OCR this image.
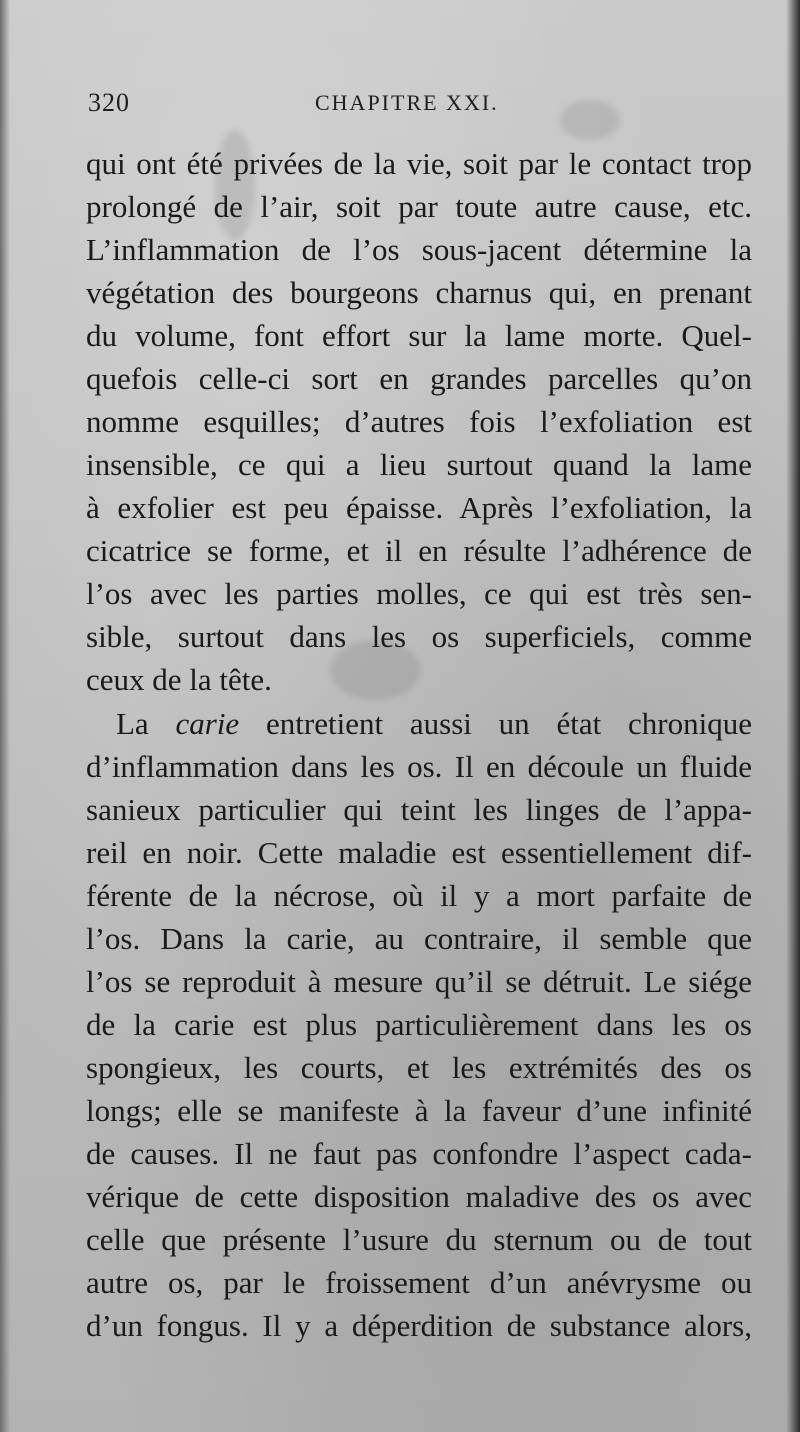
320	CHAPITRE XXI.
qui ont été privées de la vie, soit par le contact trop
prolongé de l’air, soit par toute autre cause, etc.
L’inflammation de l’os sous-jacent détermine la
végétation des bourgeons charnus qui, en prenant
du volume, font effort sur la lame morte. Quel-
quefois celle-ci sort en grandes parcelles qu’on
nomme esquilles; d’autres fois l’exfoliation est
insensible, ce qui a lieu surtout quand la lame
à exfolier est peu épaisse. Après l’exfoliation, la
cicatrice se forme, et il en résulte l’adhérence de
l’os avec les parties molles, ce qui est très sen-
sible, surtout dans les os superficiels, comme
ceux de la tête.
La carie entretient aussi un état chronique
d’inflammation dans les os. Il en découle un fluide
sanieux particulier qui teint les linges de l’appa-
reil en noir. Cette maladie est essentiellement dif-
férente de la nécrose, où il y a mort parfaite de
l’os. Dans la carie, au contraire, il semble que
l’os se reproduit à mesure qu’il se détruit. Le siége
de la carie est plus particulièrement dans les os
spongieux, les courts, et les extrémités des os
longs; elle se manifeste à la faveur d’une infinité
de causes. Il ne faut pas confondre l’aspect cada-
vérique de cette disposition maladive des os avec
celle que présente l’usure du sternum ou de tout
autre os, par le froissement d’un anévrysme ou
d’un fongus. Il y a déperdition de substance alors,
